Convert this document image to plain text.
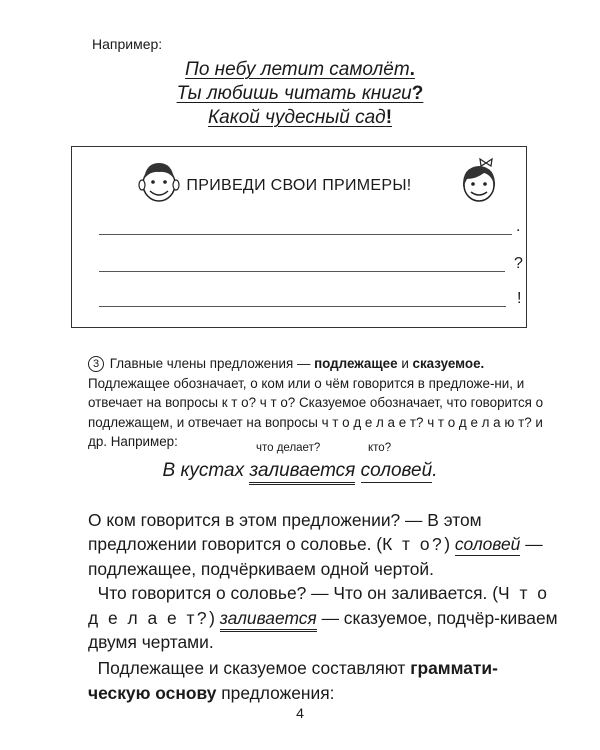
Например:
По небу летит самолёт.
Ты любишь читать книги?
Какой чудесный сад!
ПРИВЕДИ СВОИ ПРИМЕРЫ!
.
?
!
3 Главные члены предложения — подлежащее и сказуемое. Подлежащее обозначает, о ком или о чём говорится в предложе-ни, и отвечает на вопросы к т о? ч т о? Сказуемое обозначает, что говорится о подлежащем, и отвечает на вопросы ч т о д е л а е т? ч т о д е л а ю т? и др. Например:	что делает?	кто?
В кустах заливается соловей.

О ком говорится в этом предложении? — В этом предложении говорится о соловье. (К т о?) соловей — подлежащее, подчёркиваем одной чертой.

Что говорится о соловье? — Что он заливается. (Ч т о д е л а е т?) заливается — сказуемое, подчёр-киваем двумя чертами.

Подлежащее и сказуемое составляют граммати-ческую основу предложения:

4
